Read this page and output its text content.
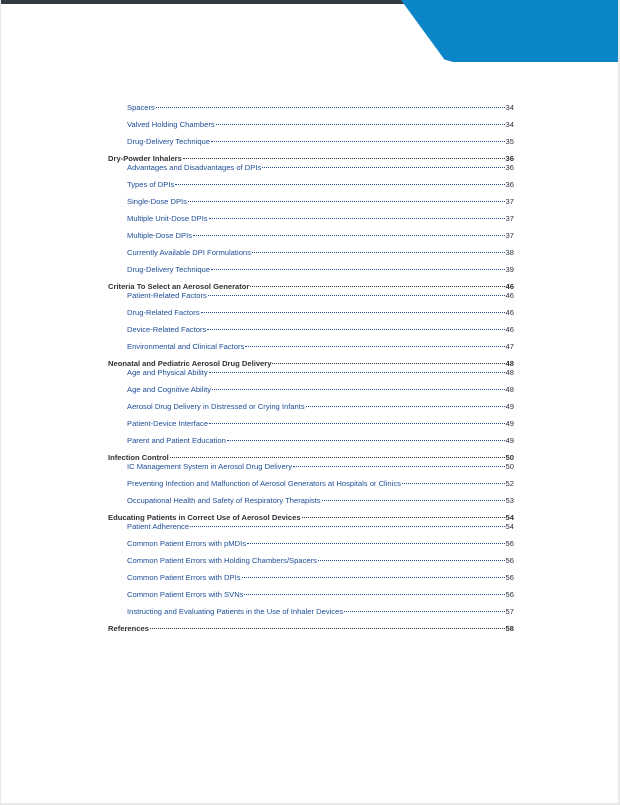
Spacers	34
Valved Holding Chambers	34
Drug-Delivery Technique	35
Dry-Powder Inhalers	36
Advantages and Disadvantages of DPIs	36
Types of DPIs	36
Single-Dose DPIs	37
Multiple Unit-Dose DPIs	37
Multiple-Dose DPIs	37
Currently Available DPI Formulations	38
Drug-Delivery Technique	39
Criteria To Select an Aerosol Generator	46
Patient-Related Factors	46
Drug-Related Factors	46
Device-Related Factors	46
Environmental and Clinical Factors	47
Neonatal and Pediatric Aerosol Drug Delivery	48
Age and Physical Ability	48
Age and Cognitive Ability	48
Aerosol Drug Delivery in Distressed or Crying Infants	49
Patient-Device Interface	49
Parent and Patient Education	49
Infection Control	50
IC Management System in Aerosol Drug Delivery	50
Preventing Infection and Malfunction of Aerosol Generators at Hospitals or Clinics	52
Occupational Health and Safety of Respiratory Therapists	53
Educating Patients in Correct Use of Aerosol Devices	54
Patient Adherence	54
Common Patient Errors with pMDIs	56
Common Patient Errors with Holding Chambers/Spacers	56
Common Patient Errors with DPIs	56
Common Patient Errors with SVNs	56
Instructing and Evaluating Patients in the Use of Inhaler Devices	57
References	58
